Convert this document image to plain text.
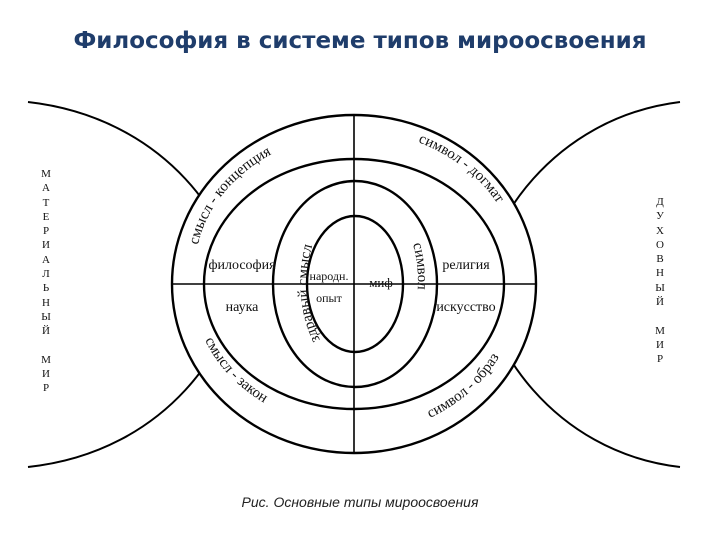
Философия в системе типов мироосвоения
смысл - концепция
символ - догмат
смысл - закон
символ - образ
философия
наука
религия
искусство
здравый смысл	символ
народн.
опыт
миф
М
А
Т
Е
Р
И
А
Л
Ь
Н
Ы
Й

М
И
Р
Д
У
Х
О
В
Н
Ы
Й

М
И
Р
Рис. Основные типы мироосвоения
